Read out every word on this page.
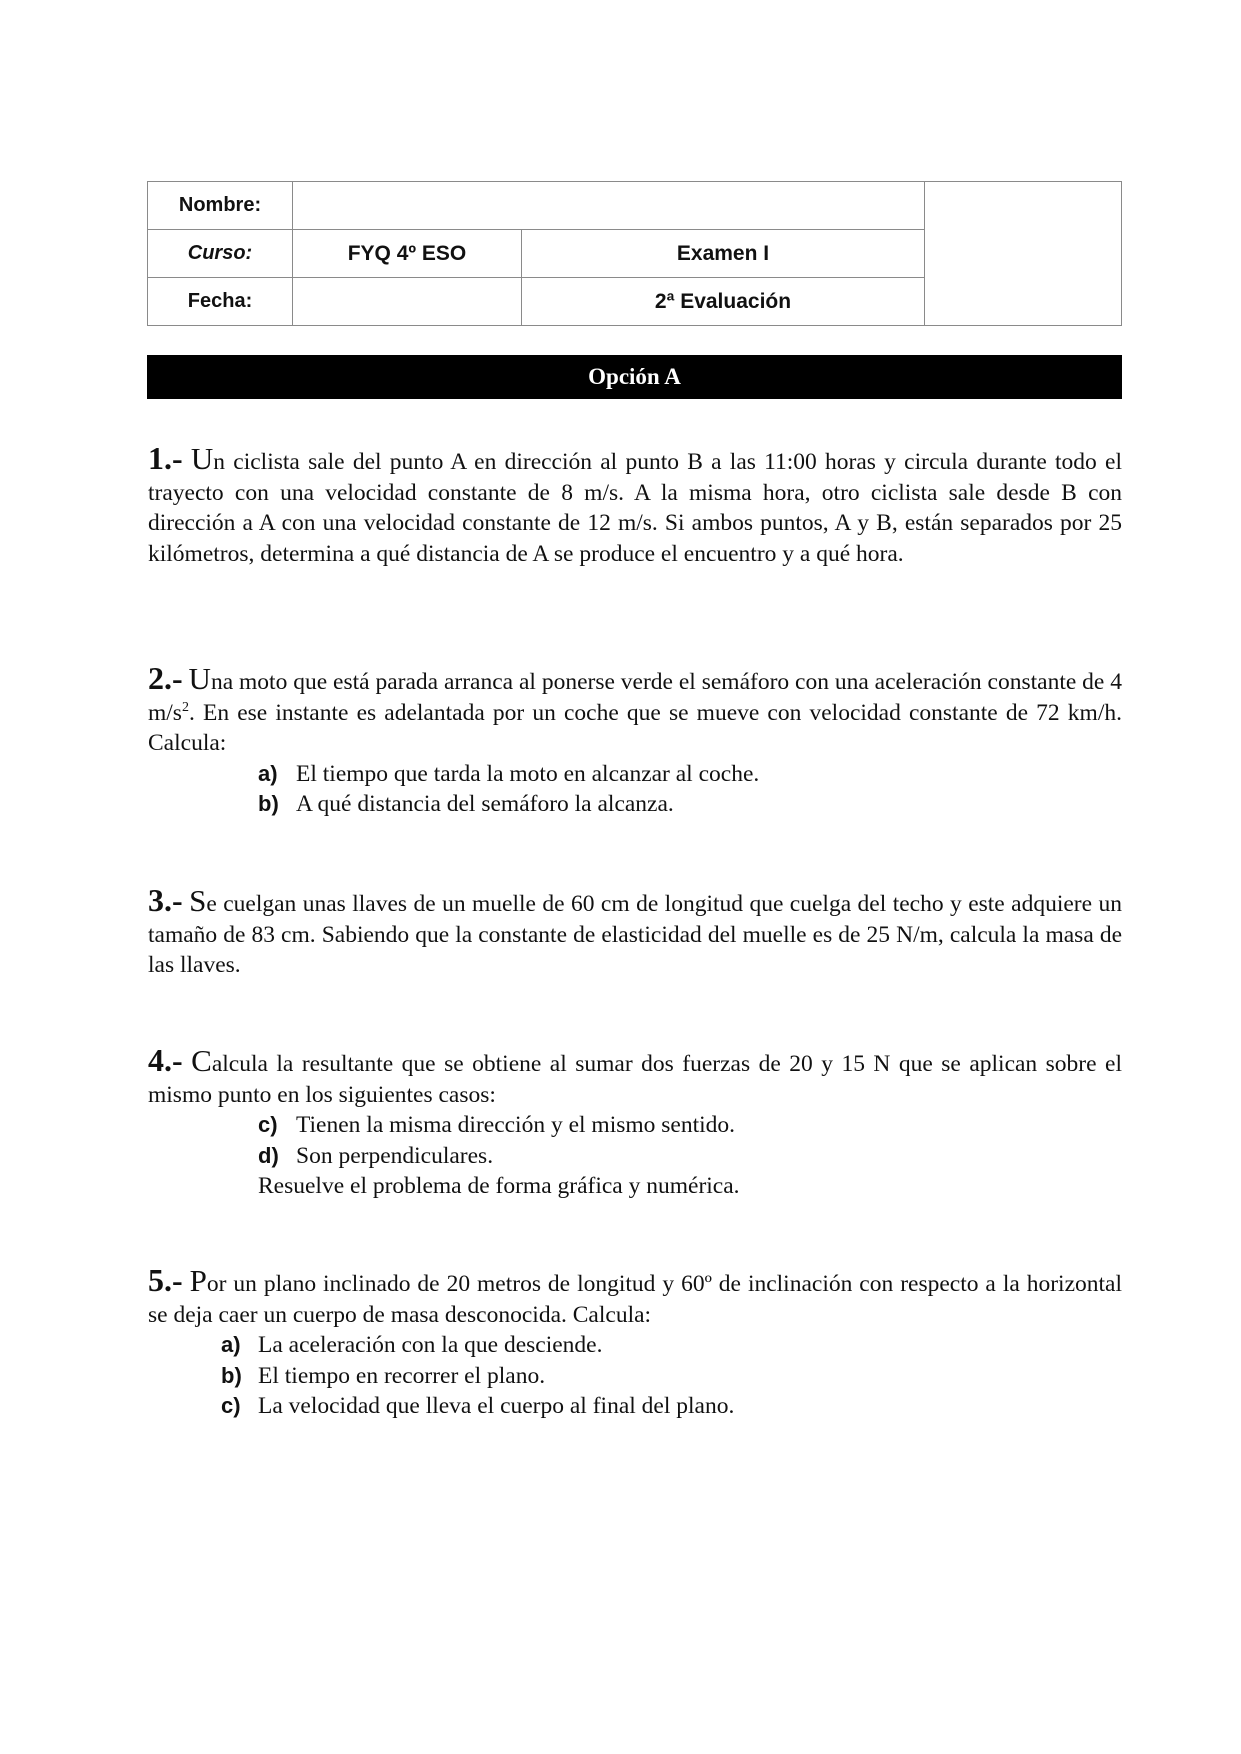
Nombre:			
Curso:	FYQ 4º ESO	Examen I	
Fecha:		2ª Evaluación	
Opción A
1.- Un ciclista sale del punto A en dirección al punto B a las 11:00 horas y circula durante todo el trayecto con una velocidad constante de 8 m/s. A la misma hora, otro ciclista sale desde B con dirección a A con una velocidad constante de 12 m/s. Si ambos puntos, A y B, están separados por 25 kilómetros, determina a qué distancia de A se produce el encuentro y a qué hora.
2.- Una moto que está parada arranca al ponerse verde el semáforo con una aceleración constante de 4 $m/s^2$. En ese instante es adelantada por un coche que se mueve con velocidad constante de 72 km/h. Calcula:
a) El tiempo que tarda la moto en alcanzar al coche.
b) A qué distancia del semáforo la alcanza.
3.- Se cuelgan unas llaves de un muelle de 60 cm de longitud que cuelga del techo y este adquiere un tamaño de 83 cm. Sabiendo que la constante de elasticidad del muelle es de 25 N/m, calcula la masa de las llaves.
4.- Calcula la resultante que se obtiene al sumar dos fuerzas de 20 y 15 N que se aplican sobre el mismo punto en los siguientes casos:
c) Tienen la misma dirección y el mismo sentido.
d) Son perpendiculares.
Resuelve el problema de forma gráfica y numérica.
5.- Por un plano inclinado de 20 metros de longitud y 60º de inclinación con respecto a la horizontal se deja caer un cuerpo de masa desconocida. Calcula:
a) La aceleración con la que desciende.
b) El tiempo en recorrer el plano.
c) La velocidad que lleva el cuerpo al final del plano.
